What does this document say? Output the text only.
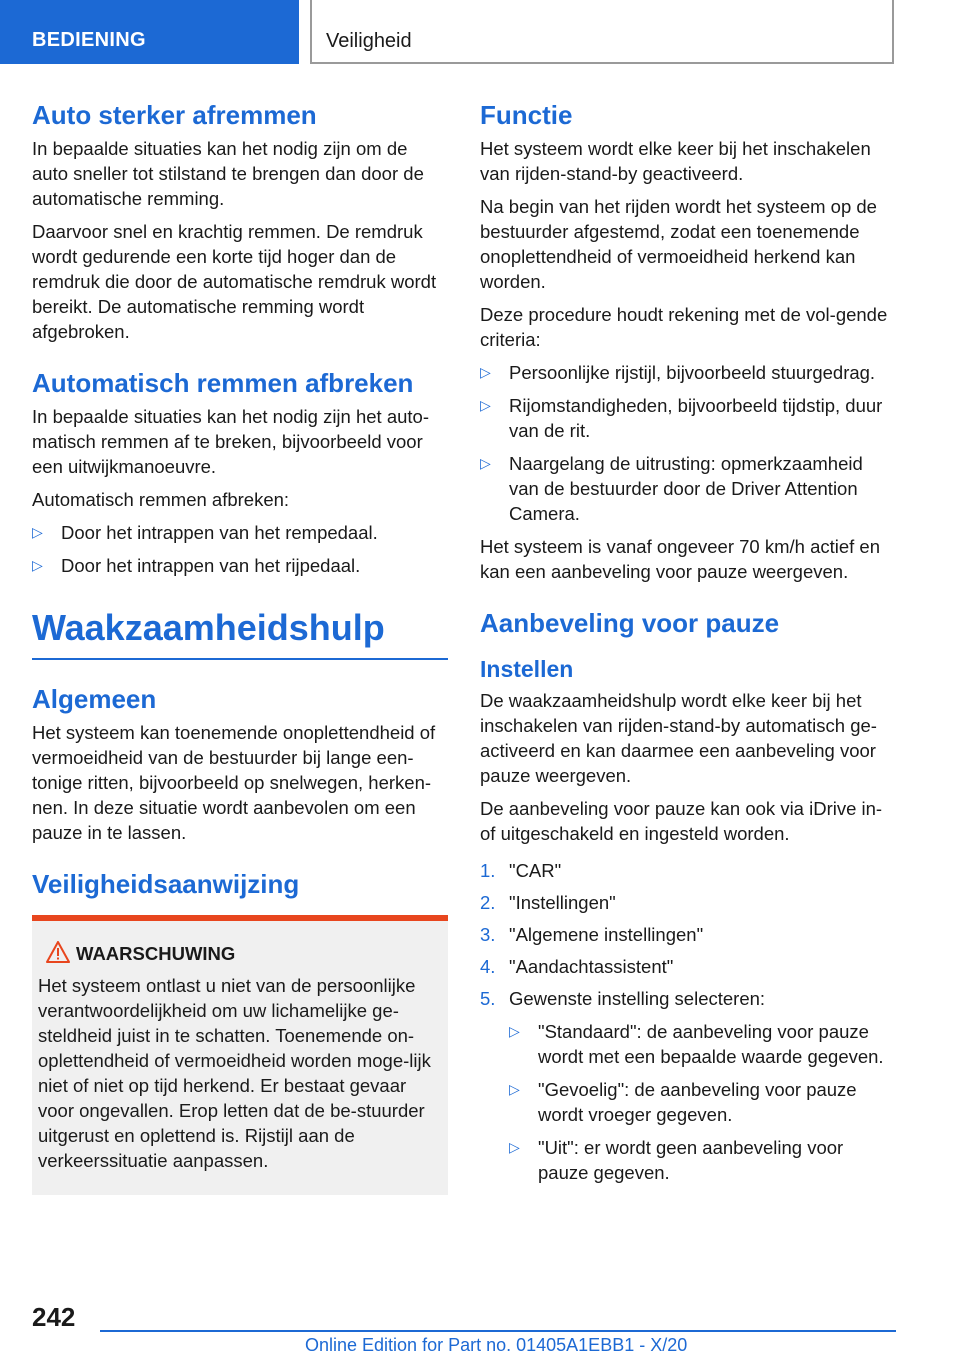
BEDIENING	Veiligheid
Auto sterker afremmen

In bepaalde situaties kan het nodig zijn om de auto sneller tot stilstand te brengen dan door de automatische remming.

Daarvoor snel en krachtig remmen. De remdruk wordt gedurende een korte tijd hoger dan de remdruk die door de automatische remdruk wordt bereikt. De automatische remming wordt afgebroken.

Automatisch remmen afbreken

In bepaalde situaties kan het nodig zijn het auto-matisch remmen af te breken, bijvoorbeeld voor een uitwijkmanoeuvre.

Automatisch remmen afbreken:

▷ Door het intrappen van het rempedaal.
▷ Door het intrappen van het rijpedaal.
Waakzaamheidshulp
Algemeen

Het systeem kan toenemende onoplettendheid of vermoeidheid van de bestuurder bij lange een-tonige ritten, bijvoorbeeld op snelwegen, herken-nen. In deze situatie wordt aanbevolen om een pauze in te lassen.

Veiligheidsaanwijzing
WAARSCHUWING

Het systeem ontlast u niet van de persoonlijke verantwoordelijkheid om uw lichamelijke ge-steldheid juist in te schatten. Toenemende on-oplettendheid of vermoeidheid worden moge-lijk niet of niet op tijd herkend. Er bestaat gevaar voor ongevallen. Erop letten dat de be-stuurder uitgerust en oplettend is. Rijstijl aan de verkeerssituatie aanpassen.

Functie

Het systeem wordt elke keer bij het inschakelen van rijden-stand-by geactiveerd.

Na begin van het rijden wordt het systeem op de bestuurder afgestemd, zodat een toenemende onoplettendheid of vermoeidheid herkend kan worden.

Deze procedure houdt rekening met de vol-gende criteria:

▷ Persoonlijke rijstijl, bijvoorbeeld stuurgedrag.
▷ Rijomstandigheden, bijvoorbeeld tijdstip, duur van de rit.
▷ Naargelang de uitrusting: opmerkzaamheid van de bestuurder door de Driver Attention Camera.

Het systeem is vanaf ongeveer 70 km/h actief en kan een aanbeveling voor pauze weergeven.

Aanbeveling voor pauze
Instellen

De waakzaamheidshulp wordt elke keer bij het inschakelen van rijden-stand-by automatisch ge-activeerd en kan daarmee een aanbeveling voor pauze weergeven.

De aanbeveling voor pauze kan ook via iDrive in-of uitgeschakeld en ingesteld worden.

1. "CAR"
2. "Instellingen"
3. "Algemene instellingen"
4. "Aandachtassistent"
5. Gewenste instelling selecteren:
▷ "Standaard": de aanbeveling voor pauze wordt met een bepaalde waarde gegeven.
▷ "Gevoelig": de aanbeveling voor pauze wordt vroeger gegeven.
▷ "Uit": er wordt geen aanbeveling voor pauze gegeven.
242
Online Edition for Part no. 01405A1EBB1 - X/20
